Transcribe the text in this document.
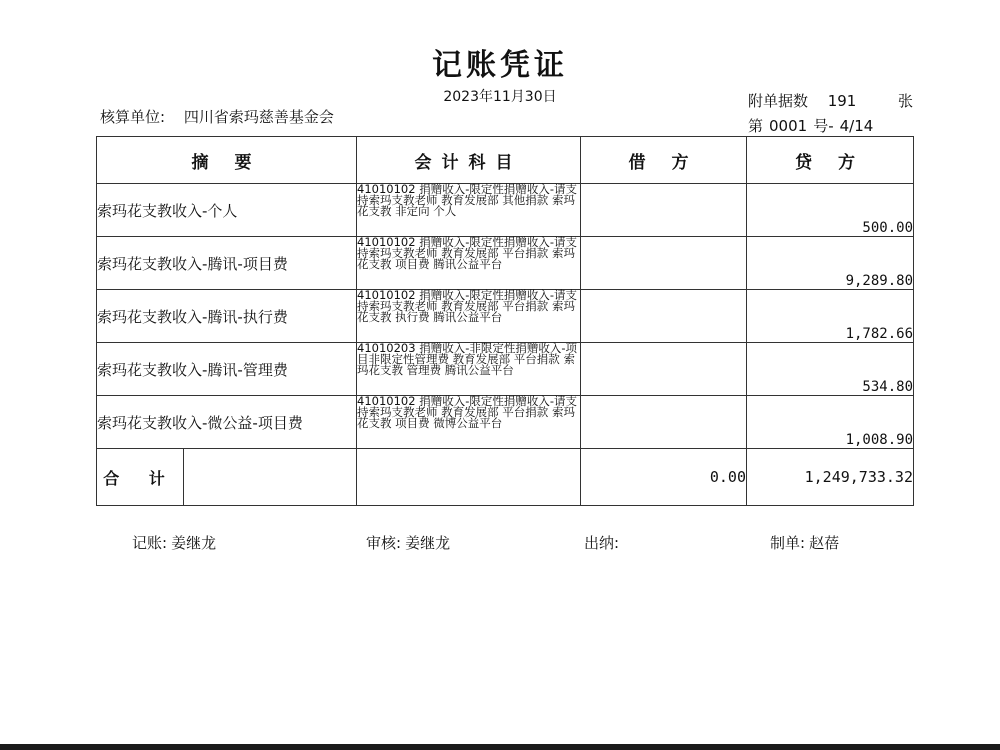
记账凭证
2023年11月30日
核算单位: 四川省索玛慈善基金会
附单据数 191	张
第 0001 号- 4/14
摘 要	会计科目	借 方	贷 方
索玛花支教收入-个人	41010102 捐赠收入-限定性捐赠收入-请支持索玛支教老师 教育发展部 其他捐款 索玛花支教 非定向 个人		500.00
索玛花支教收入-腾讯-项目费	41010102 捐赠收入-限定性捐赠收入-请支持索玛支教老师 教育发展部 平台捐款 索玛花支教 项目费 腾讯公益平台		9,289.80
索玛花支教收入-腾讯-执行费	41010102 捐赠收入-限定性捐赠收入-请支持索玛支教老师 教育发展部 平台捐款 索玛花支教 执行费 腾讯公益平台		1,782.66
索玛花支教收入-腾讯-管理费	41010203 捐赠收入-非限定性捐赠收入-项目非限定性管理费 教育发展部 平台捐款 索玛花支教 管理费 腾讯公益平台		534.80
索玛花支教收入-微公益-项目费	41010102 捐赠收入-限定性捐赠收入-请支持索玛支教老师 教育发展部 平台捐款 索玛花支教 项目费 微博公益平台		1,008.90

合 计		0.00	1,249,733.32
记账: 姜继龙	审核: 姜继龙	出纳:	制单: 赵蓓
